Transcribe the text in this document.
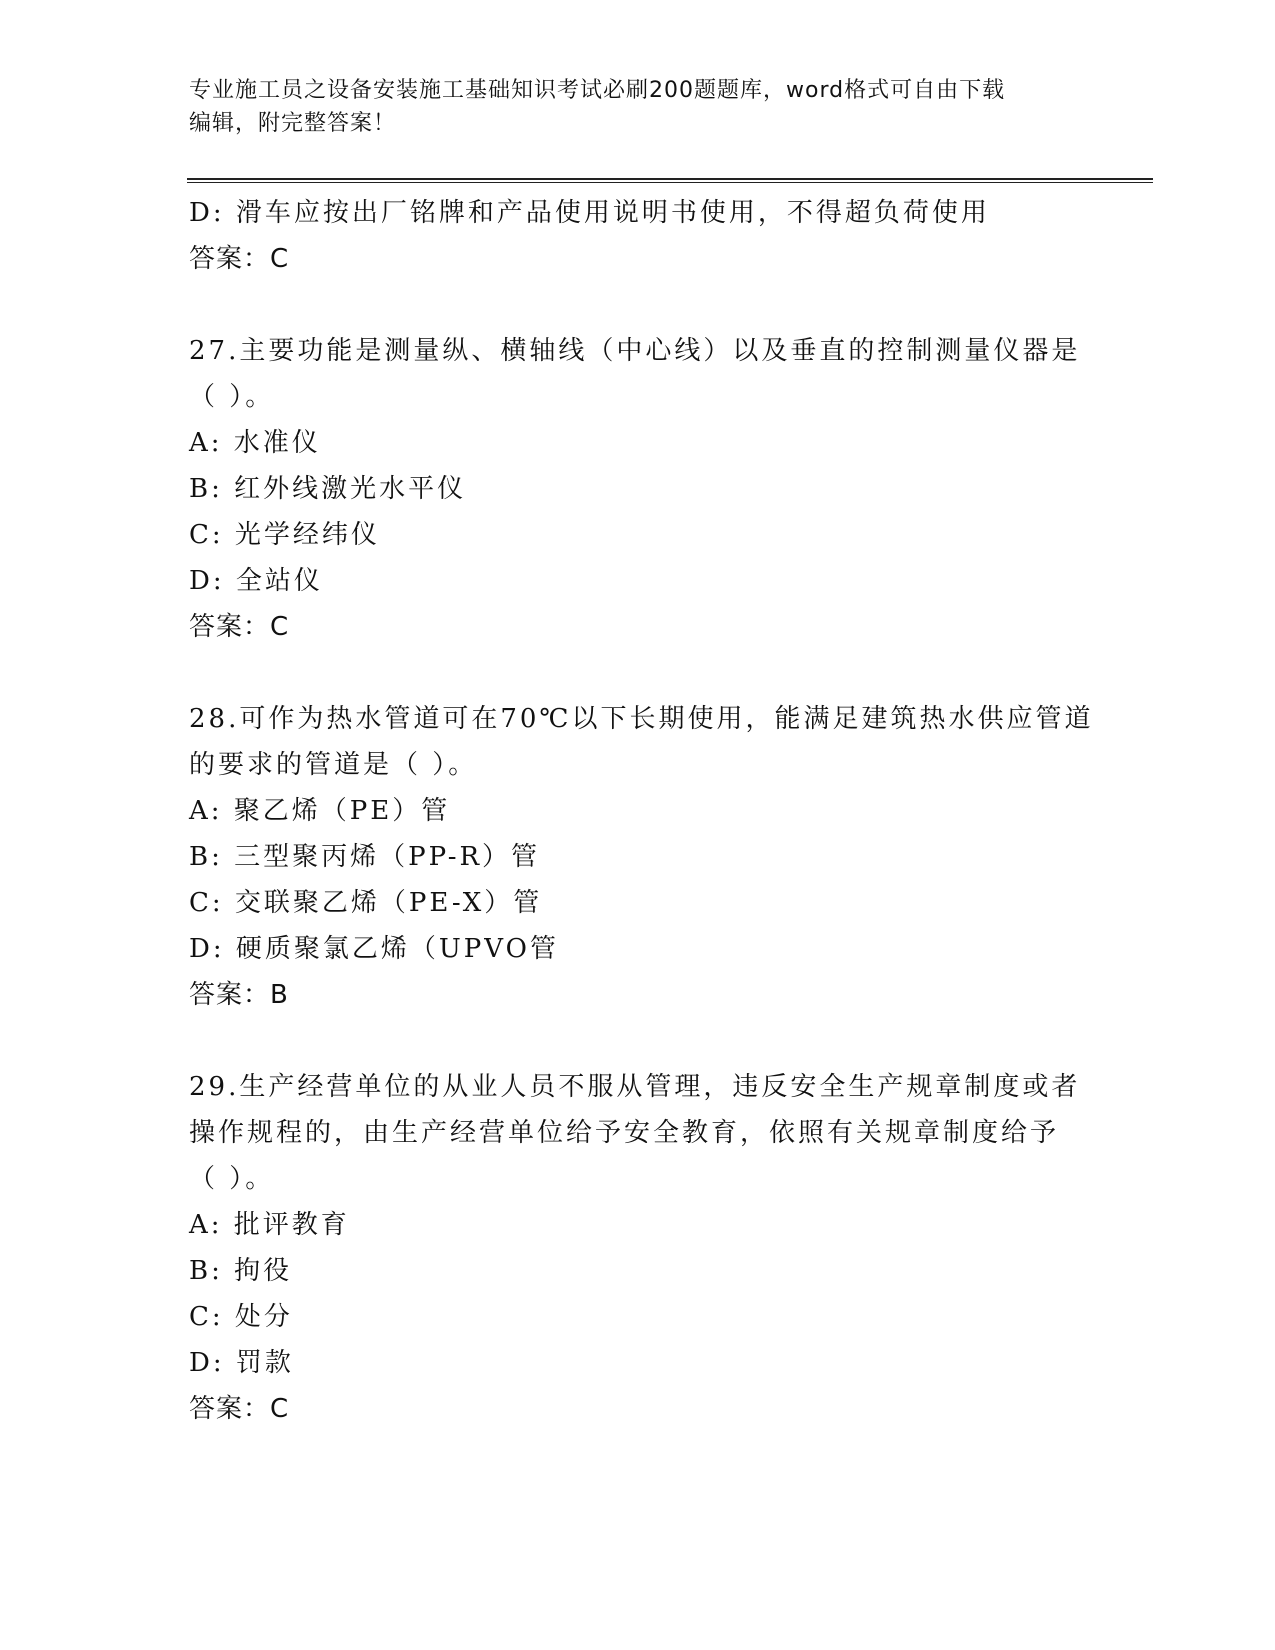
专业施工员之设备安装施工基础知识考试必刷200题题库，word格式可自由下载
编辑，附完整答案！
D: 滑车应按出厂铭牌和产品使用说明书使用，不得超负荷使用
答案：C
27.主要功能是测量纵、横轴线（中心线）以及垂直的控制测量仪器是
（ ）。
A: 水准仪
B: 红外线激光水平仪
C: 光学经纬仪
D: 全站仪
答案：C
28.可作为热水管道可在70℃以下长期使用，能满足建筑热水供应管道
的要求的管道是（ ）。
A: 聚乙烯（PE）管
B: 三型聚丙烯（PP-R）管
C: 交联聚乙烯（PE-X）管
D: 硬质聚氯乙烯（UPVO管
答案：B
29.生产经营单位的从业人员不服从管理，违反安全生产规章制度或者
操作规程的，由生产经营单位给予安全教育，依照有关规章制度给予
（ ）。
A: 批评教育
B: 拘役
C: 处分
D: 罚款
答案：C
